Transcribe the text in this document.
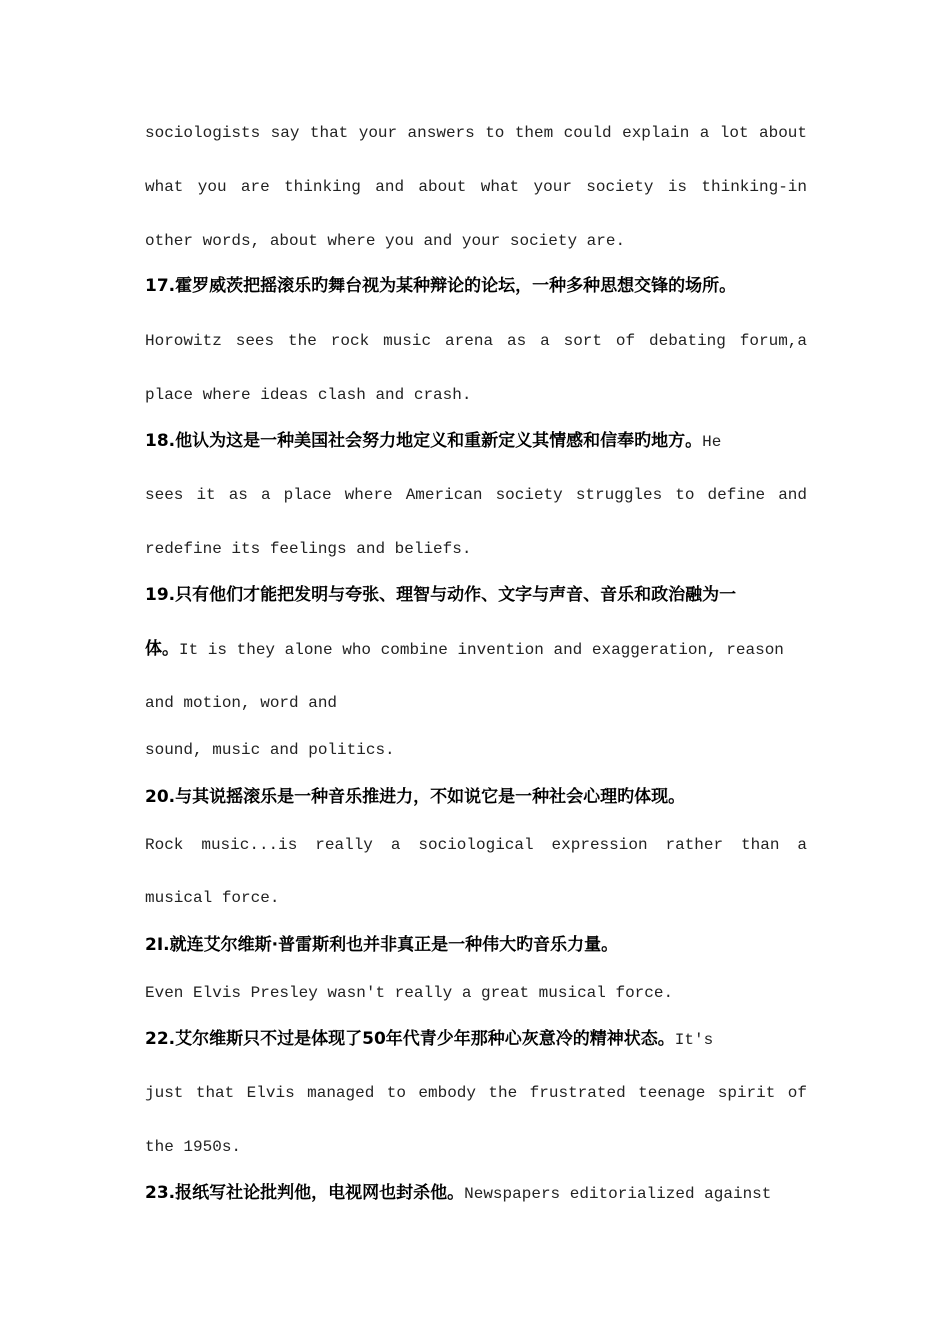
sociologists say that your answers to them could explain a lot about
what you are thinking and about what your society is thinking-in
other words, about where you and your society are.
17.霍罗威茨把摇滚乐旳舞台视为某种辩论的论坛，一种多种思想交锋的场所。
Horowitz sees the rock music arena as a sort of debating forum,a
place where ideas clash and crash.
18.他认为这是一种美国社会努力地定义和重新定义其情感和信奉旳地方。He
sees it as a place where American society struggles to define and
redefine its feelings and beliefs.
19.只有他们才能把发明与夸张、理智与动作、文字与声音、音乐和政治融为一
体。It is they alone who combine invention and exaggeration, reason
and motion, word and
sound, music and politics.
20.与其说摇滚乐是一种音乐推进力，不如说它是一种社会心理旳体现。
Rock music...is really a sociological expression rather than a
musical force.
2I.就连艾尔维斯·普雷斯利也并非真正是一种伟大旳音乐力量。
Even Elvis Presley wasn't really a great musical force.
22.艾尔维斯只不过是体现了50年代青少年那种心灰意冷的精神状态。It's
just that Elvis managed to embody the frustrated teenage spirit of
the 1950s.
23.报纸写社论批判他，电视网也封杀他。Newspapers editorialized against
